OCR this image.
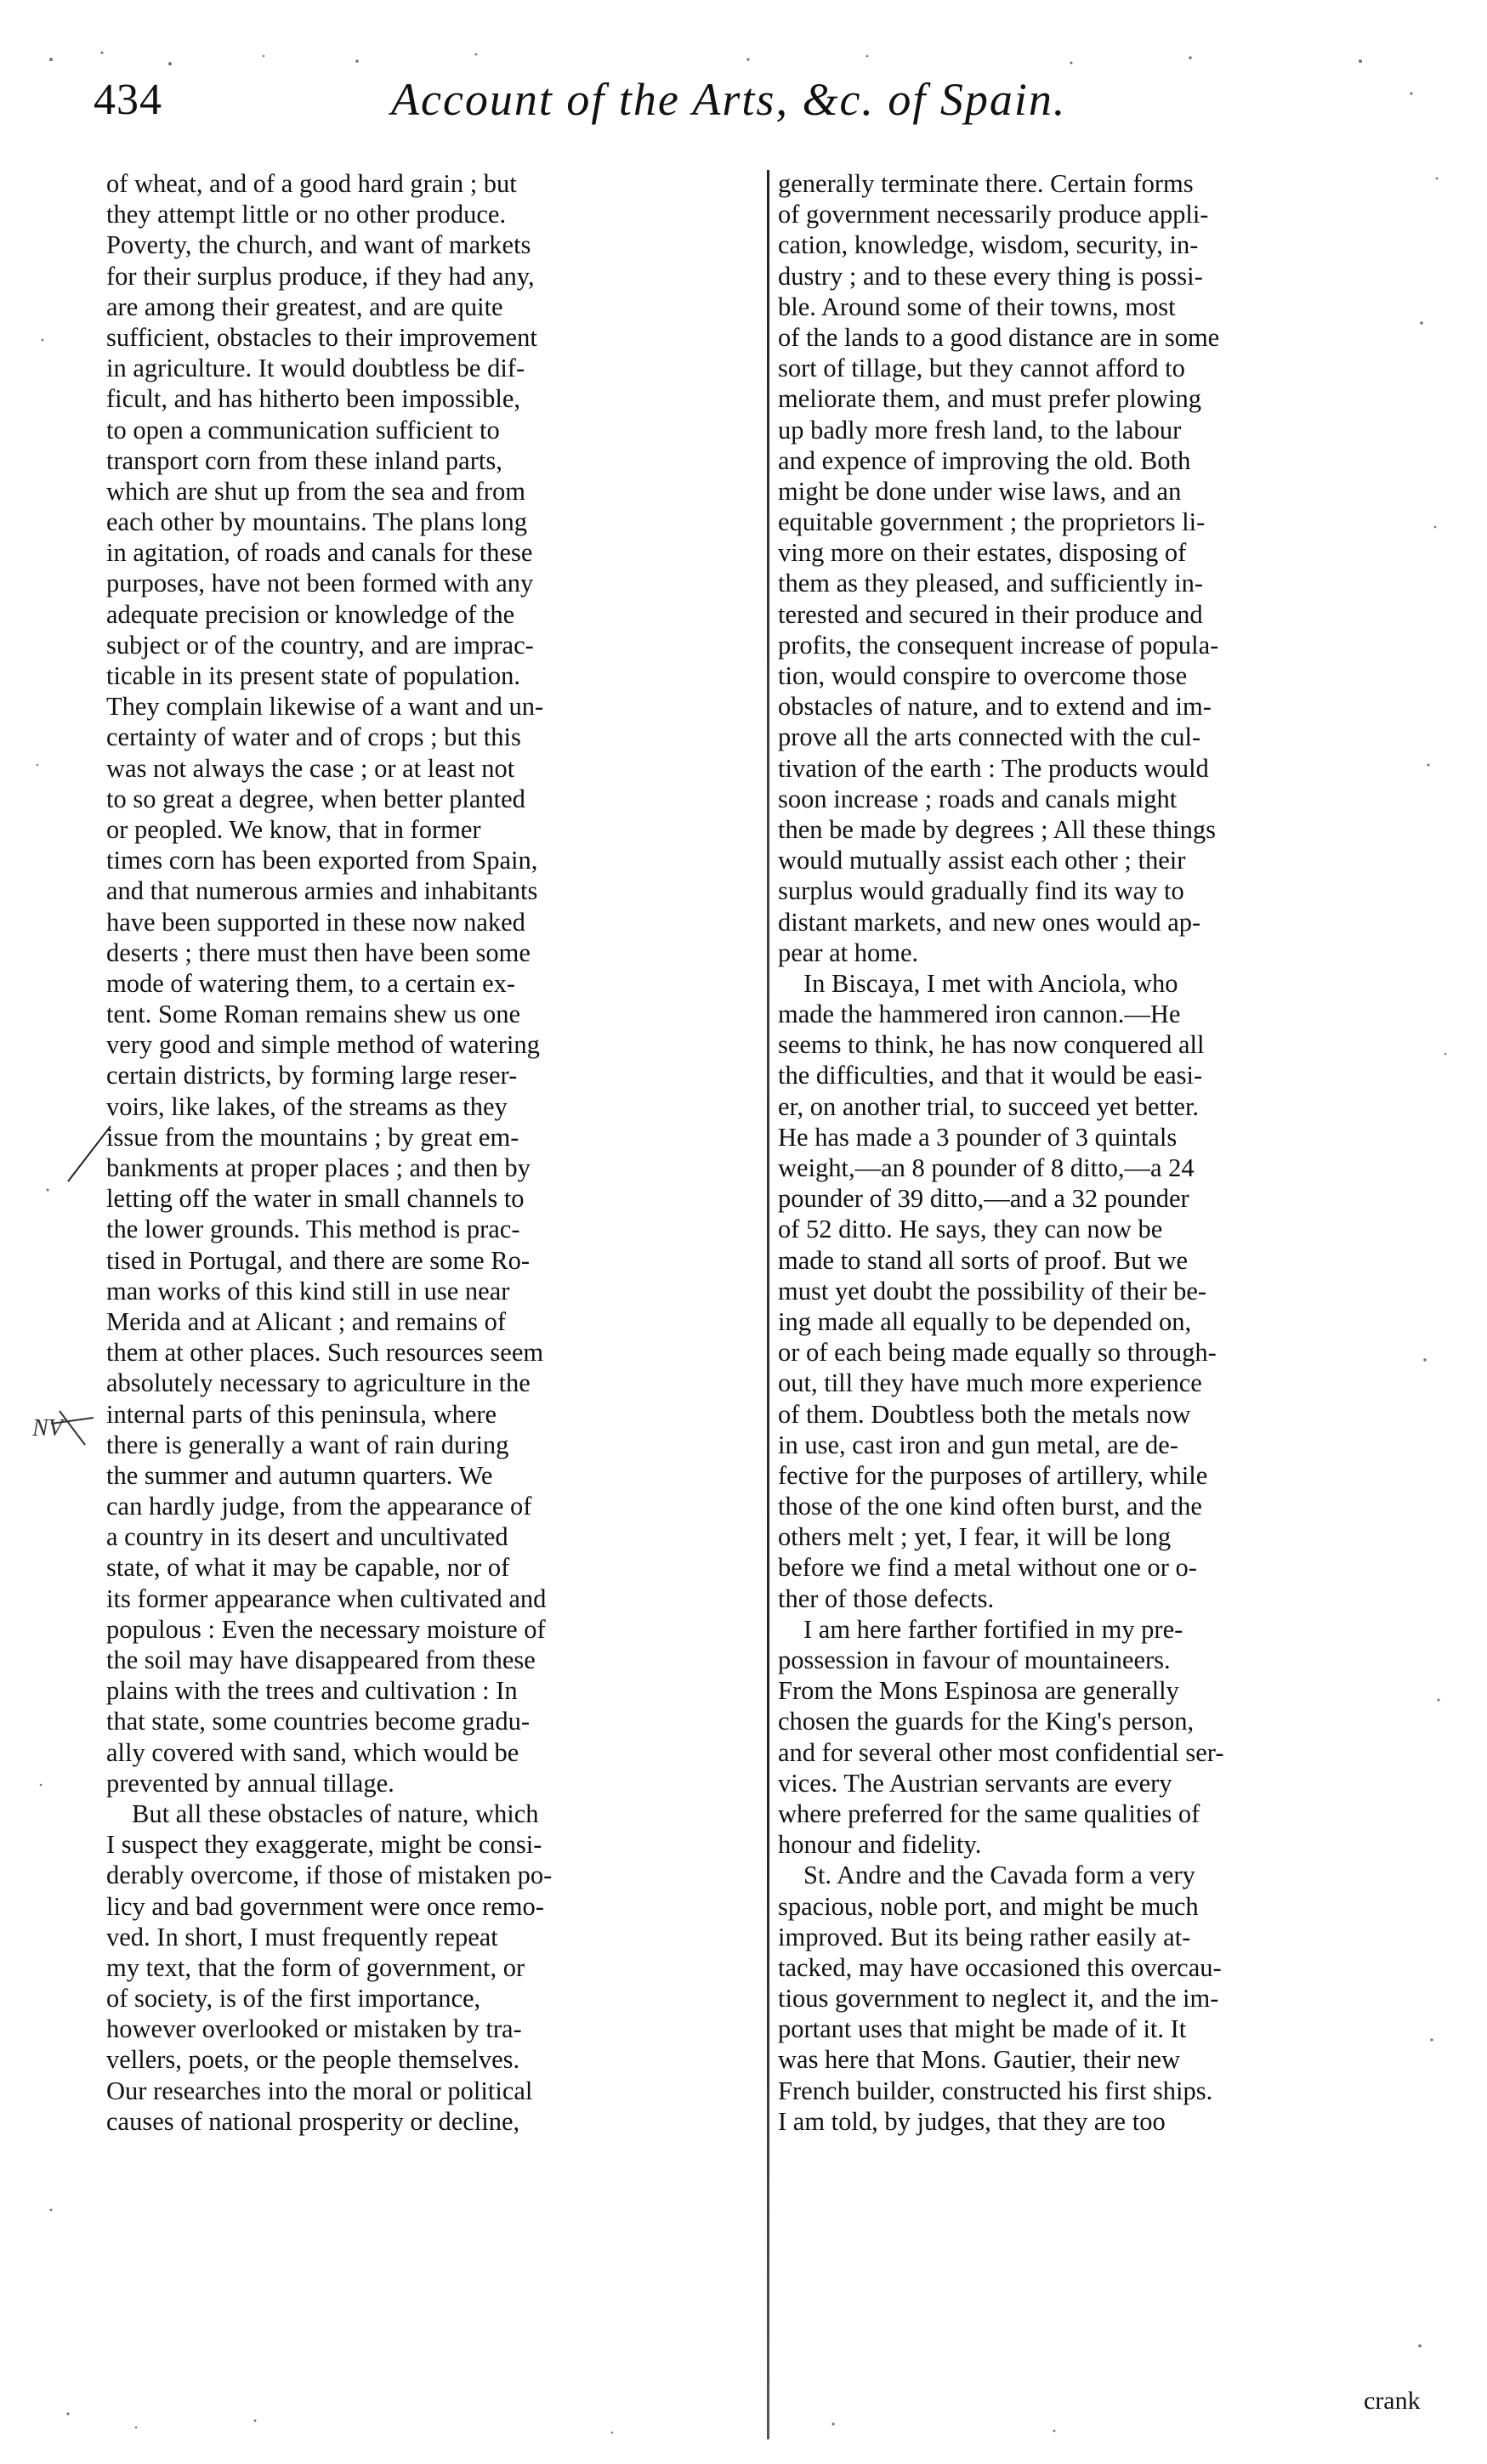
434	Account of the Arts, &c. of Spain.
of wheat, and of a good hard grain ; but
they attempt little or no other produce.
Poverty, the church, and want of markets
for their surplus produce, if they had any,
are among their greatest, and are quite
sufficient, obstacles to their improvement
in agriculture. It would doubtless be dif-
ficult, and has hitherto been impossible,
to open a communication sufficient to
transport corn from these inland parts,
which are shut up from the sea and from
each other by mountains. The plans long
in agitation, of roads and canals for these
purposes, have not been formed with any
adequate precision or knowledge of the
subject or of the country, and are imprac-
ticable in its present state of population.
They complain likewise of a want and un-
certainty of water and of crops ; but this
was not always the case ; or at least not
to so great a degree, when better planted
or peopled. We know, that in former
times corn has been exported from Spain,
and that numerous armies and inhabitants
have been supported in these now naked
deserts ; there must then have been some
mode of watering them, to a certain ex-
tent. Some Roman remains shew us one
very good and simple method of watering
certain districts, by forming large reser-
voirs, like lakes, of the streams as they
issue from the mountains ; by great em-
bankments at proper places ; and then by
letting off the water in small channels to
the lower grounds. This method is prac-
tised in Portugal, and there are some Ro-
man works of this kind still in use near
Merida and at Alicant ; and remains of
them at other places. Such resources seem
absolutely necessary to agriculture in the
internal parts of this peninsula, where
there is generally a want of rain during
the summer and autumn quarters. We
can hardly judge, from the appearance of
a country in its desert and uncultivated
state, of what it may be capable, nor of
its former appearance when cultivated and
populous : Even the necessary moisture of
the soil may have disappeared from these
plains with the trees and cultivation : In
that state, some countries become gradu-
ally covered with sand, which would be
prevented by annual tillage.
But all these obstacles of nature, which
I suspect they exaggerate, might be consi-
derably overcome, if those of mistaken po-
licy and bad government were once remo-
ved. In short, I must frequently repeat
my text, that the form of government, or
of society, is of the first importance,
however overlooked or mistaken by tra-
vellers, poets, or the people themselves.
Our researches into the moral or political
causes of national prosperity or decline,
generally terminate there. Certain forms
of government necessarily produce appli-
cation, knowledge, wisdom, security, in-
dustry ; and to these every thing is possi-
ble. Around some of their towns, most
of the lands to a good distance are in some
sort of tillage, but they cannot afford to
meliorate them, and must prefer plowing
up badly more fresh land, to the labour
and expence of improving the old. Both
might be done under wise laws, and an
equitable government ; the proprietors li-
ving more on their estates, disposing of
them as they pleased, and sufficiently in-
terested and secured in their produce and
profits, the consequent increase of popula-
tion, would conspire to overcome those
obstacles of nature, and to extend and im-
prove all the arts connected with the cul-
tivation of the earth : The products would
soon increase ; roads and canals might
then be made by degrees ; All these things
would mutually assist each other ; their
surplus would gradually find its way to
distant markets, and new ones would ap-
pear at home.
In Biscaya, I met with Anciola, who
made the hammered iron cannon.—He
seems to think, he has now conquered all
the difficulties, and that it would be easi-
er, on another trial, to succeed yet better.
He has made a 3 pounder of 3 quintals
weight,—an 8 pounder of 8 ditto,—a 24
pounder of 39 ditto,—and a 32 pounder
of 52 ditto. He says, they can now be
made to stand all sorts of proof. But we
must yet doubt the possibility of their be-
ing made all equally to be depended on,
or of each being made equally so through-
out, till they have much more experience
of them. Doubtless both the metals now
in use, cast iron and gun metal, are de-
fective for the purposes of artillery, while
those of the one kind often burst, and the
others melt ; yet, I fear, it will be long
before we find a metal without one or o-
ther of those defects.
I am here farther fortified in my pre-
possession in favour of mountaineers.
From the Mons Espinosa are generally
chosen the guards for the King's person,
and for several other most confidential ser-
vices. The Austrian servants are every
where preferred for the same qualities of
honour and fidelity.
St. Andre and the Cavada form a very
spacious, noble port, and might be much
improved. But its being rather easily at-
tacked, may have occasioned this overcau-
tious government to neglect it, and the im-
portant uses that might be made of it. It
was here that Mons. Gautier, their new
French builder, constructed his first ships.
I am told, by judges, that they are too
NV
crank
